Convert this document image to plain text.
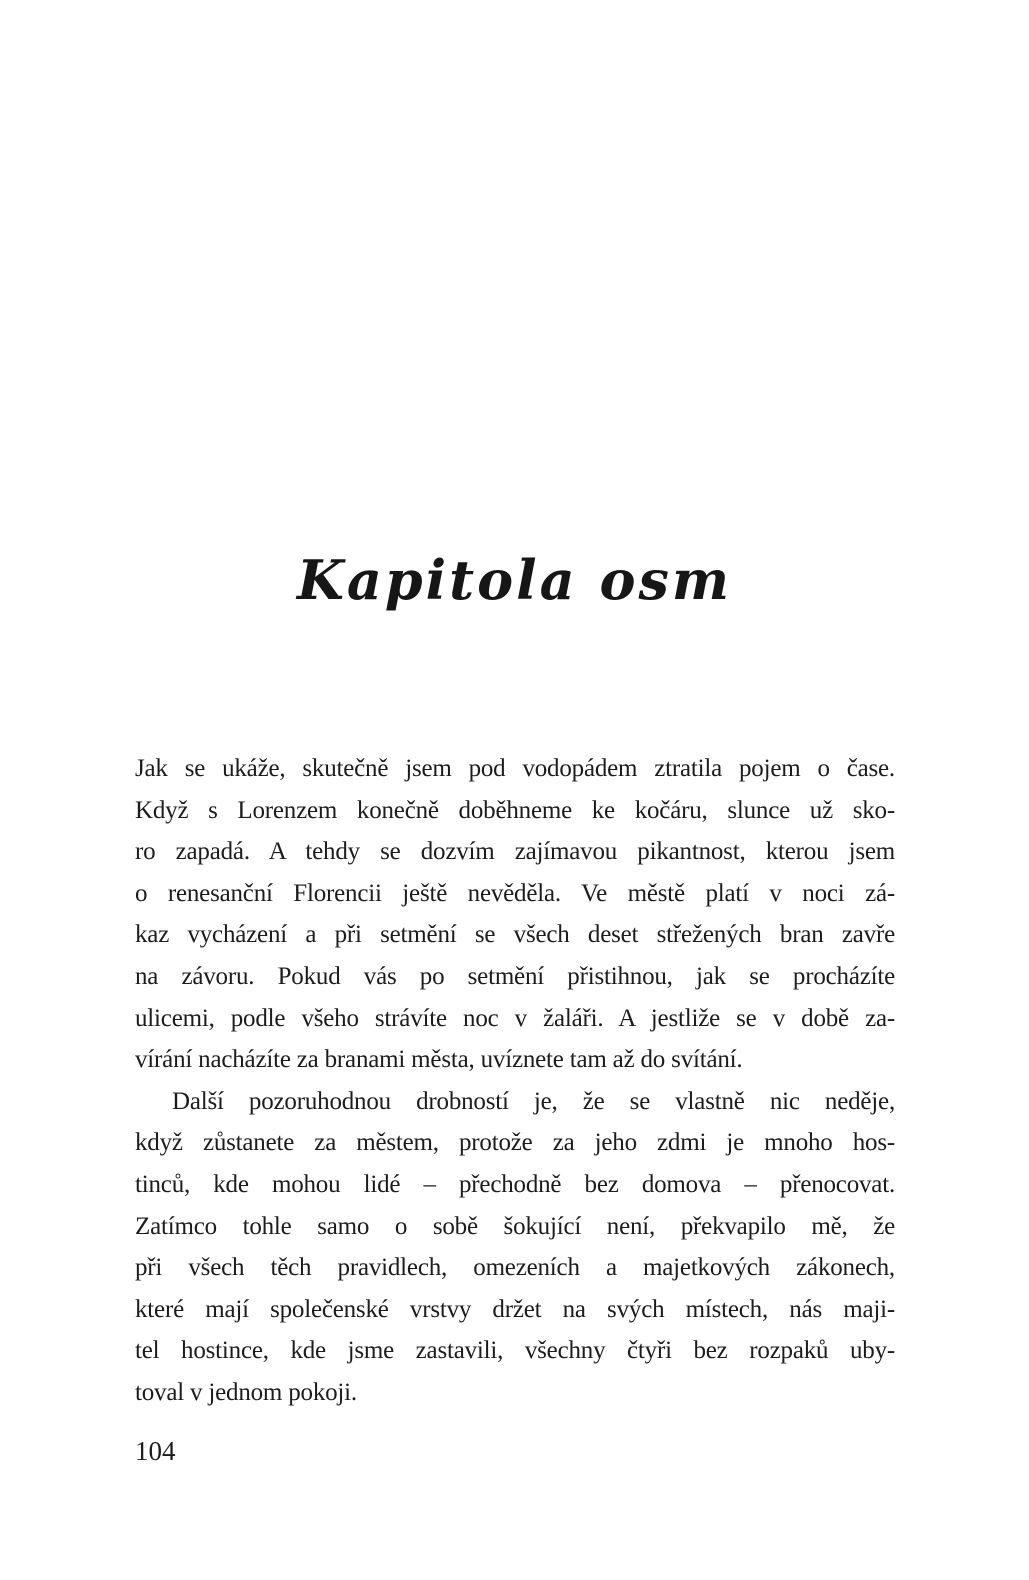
Kapitola osm
Jak se ukáže, skutečně jsem pod vodopádem ztratila pojem o čase.
Když s Lorenzem konečně doběhneme ke kočáru, slunce už sko-
ro zapadá. A tehdy se dozvím zajímavou pikantnost, kterou jsem
o renesanční Florencii ještě nevěděla. Ve městě platí v noci zá-
kaz vycházení a při setmění se všech deset střežených bran zavře
na závoru. Pokud vás po setmění přistihnou, jak se procházíte
ulicemi, podle všeho strávíte noc v žaláři. A jestliže se v době za-
vírání nacházíte za branami města, uvíznete tam až do svítání.
Další pozoruhodnou drobností je, že se vlastně nic neděje,
když zůstanete za městem, protože za jeho zdmi je mnoho hos-
tinců, kde mohou lidé – přechodně bez domova – přenocovat.
Zatímco tohle samo o sobě šokující není, překvapilo mě, že
při všech těch pravidlech, omezeních a majetkových zákonech,
které mají společenské vrstvy držet na svých místech, nás maji-
tel hostince, kde jsme zastavili, všechny čtyři bez rozpaků uby-
toval v jednom pokoji.
104
